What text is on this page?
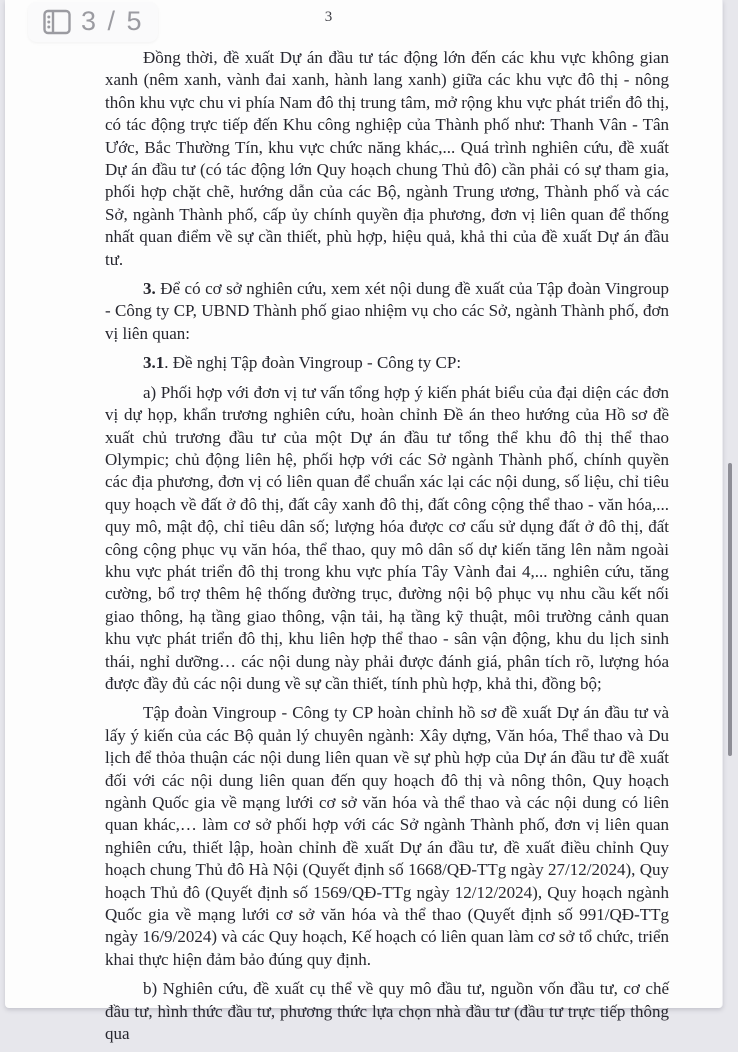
3

Đồng thời, đề xuất Dự án đầu tư tác động lớn đến các khu vực không gian xanh (nêm xanh, vành đai xanh, hành lang xanh) giữa các khu vực đô thị - nông thôn khu vực chu vi phía Nam đô thị trung tâm, mở rộng khu vực phát triển đô thị, có tác động trực tiếp đến Khu công nghiệp của Thành phố như: Thanh Vân - Tân Ước, Bắc Thường Tín, khu vực chức năng khác,... Quá trình nghiên cứu, đề xuất Dự án đầu tư (có tác động lớn Quy hoạch chung Thủ đô) cần phải có sự tham gia, phối hợp chặt chẽ, hướng dẫn của các Bộ, ngành Trung ương, Thành phố và các Sở, ngành Thành phố, cấp ủy chính quyền địa phương, đơn vị liên quan để thống nhất quan điểm về sự cần thiết, phù hợp, hiệu quả, khả thi của đề xuất Dự án đầu tư.

3. Để có cơ sở nghiên cứu, xem xét nội dung đề xuất của Tập đoàn Vingroup - Công ty CP, UBND Thành phố giao nhiệm vụ cho các Sở, ngành Thành phố, đơn vị liên quan:

3.1. Đề nghị Tập đoàn Vingroup - Công ty CP:

a) Phối hợp với đơn vị tư vấn tổng hợp ý kiến phát biểu của đại diện các đơn vị dự họp, khẩn trương nghiên cứu, hoàn chỉnh Đề án theo hướng của Hồ sơ đề xuất chủ trương đầu tư của một Dự án đầu tư tổng thể khu đô thị thể thao Olympic; chủ động liên hệ, phối hợp với các Sở ngành Thành phố, chính quyền các địa phương, đơn vị có liên quan để chuẩn xác lại các nội dung, số liệu, chỉ tiêu quy hoạch về đất ở đô thị, đất cây xanh đô thị, đất công cộng thể thao - văn hóa,... quy mô, mật độ, chỉ tiêu dân số; lượng hóa được cơ cấu sử dụng đất ở đô thị, đất công cộng phục vụ văn hóa, thể thao, quy mô dân số dự kiến tăng lên nằm ngoài khu vực phát triển đô thị trong khu vực phía Tây Vành đai 4,... nghiên cứu, tăng cường, bổ trợ thêm hệ thống đường trục, đường nội bộ phục vụ nhu cầu kết nối giao thông, hạ tầng giao thông, vận tải, hạ tầng kỹ thuật, môi trường cảnh quan khu vực phát triển đô thị, khu liên hợp thể thao - sân vận động, khu du lịch sinh thái, nghỉ dưỡng… các nội dung này phải được đánh giá, phân tích rõ, lượng hóa được đầy đủ các nội dung về sự cần thiết, tính phù hợp, khả thi, đồng bộ;

Tập đoàn Vingroup - Công ty CP hoàn chỉnh hồ sơ đề xuất Dự án đầu tư và lấy ý kiến của các Bộ quản lý chuyên ngành: Xây dựng, Văn hóa, Thể thao và Du lịch để thỏa thuận các nội dung liên quan về sự phù hợp của Dự án đầu tư đề xuất đối với các nội dung liên quan đến quy hoạch đô thị và nông thôn, Quy hoạch ngành Quốc gia về mạng lưới cơ sở văn hóa và thể thao và các nội dung có liên quan khác,… làm cơ sở phối hợp với các Sở ngành Thành phố, đơn vị liên quan nghiên cứu, thiết lập, hoàn chỉnh đề xuất Dự án đầu tư, đề xuất điều chỉnh Quy hoạch chung Thủ đô Hà Nội (Quyết định số 1668/QĐ-TTg ngày 27/12/2024), Quy hoạch Thủ đô (Quyết định số 1569/QĐ-TTg ngày 12/12/2024), Quy hoạch ngành Quốc gia về mạng lưới cơ sở văn hóa và thể thao (Quyết định số 991/QĐ-TTg ngày 16/9/2024) và các Quy hoạch, Kế hoạch có liên quan làm cơ sở tổ chức, triển khai thực hiện đảm bảo đúng quy định.

b) Nghiên cứu, đề xuất cụ thể về quy mô đầu tư, nguồn vốn đầu tư, cơ chế đầu tư, hình thức đầu tư, phương thức lựa chọn nhà đầu tư (đầu tư trực tiếp thông qua

3 / 5
